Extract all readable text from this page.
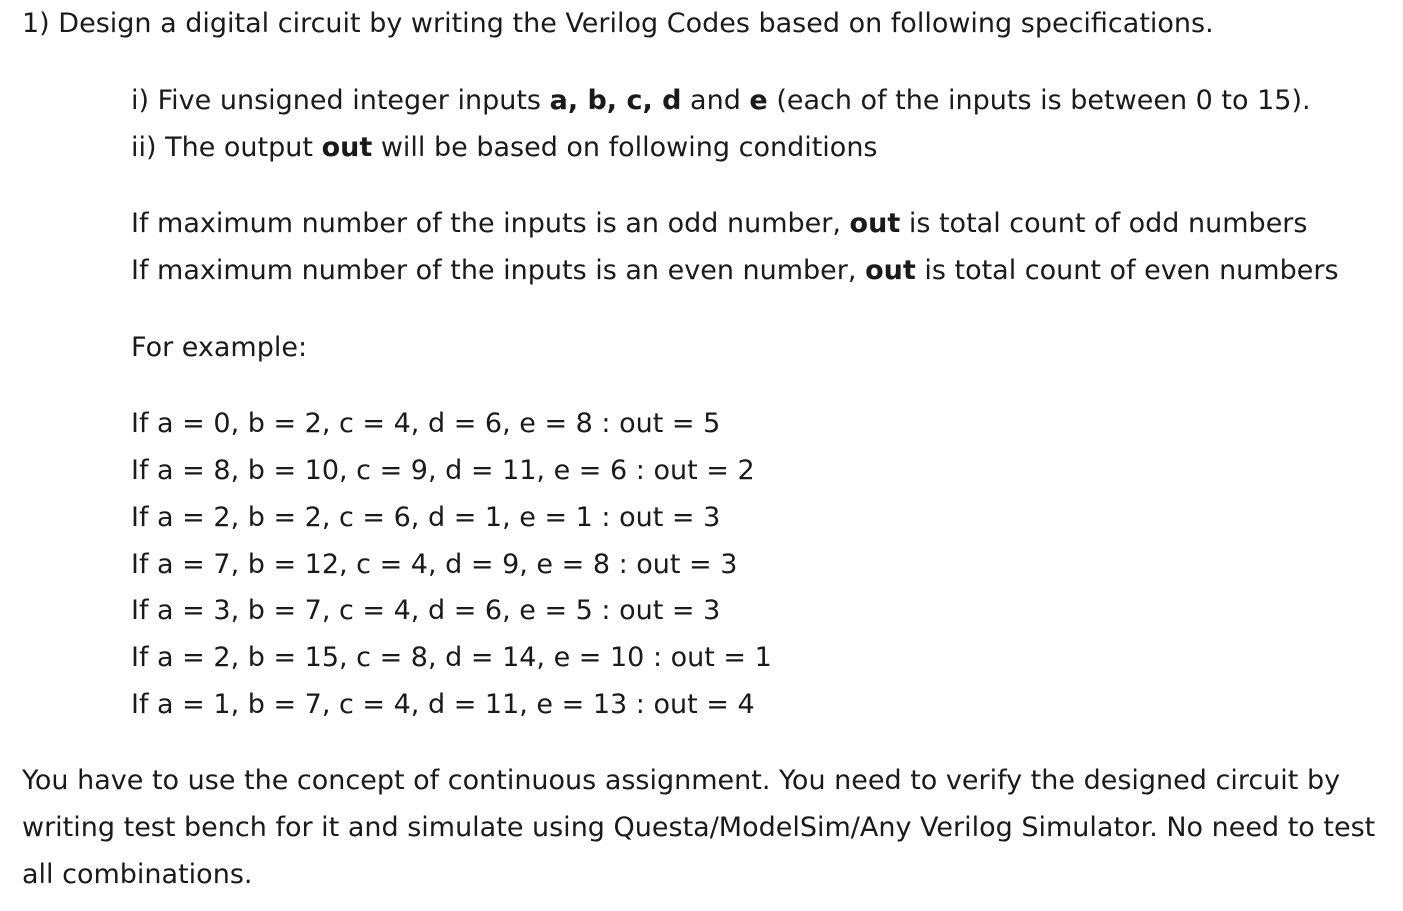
1) Design a digital circuit by writing the Verilog Codes based on following specifications.
i) Five unsigned integer inputs a, b, c, d and e (each of the inputs is between 0 to 15).
ii) The output out will be based on following conditions
If maximum number of the inputs is an odd number, out is total count of odd numbers
If maximum number of the inputs is an even number, out is total count of even numbers
For example:
If a = 0, b = 2, c = 4, d = 6, e = 8 : out = 5
If a = 8, b = 10, c = 9, d = 11, e = 6 : out = 2
If a = 2, b = 2, c = 6, d = 1, e = 1 : out = 3
If a = 7, b = 12, c = 4, d = 9, e = 8 : out = 3
If a = 3, b = 7, c = 4, d = 6, e = 5 : out = 3
If a = 2, b = 15, c = 8, d = 14, e = 10 : out = 1
If a = 1, b = 7, c = 4, d = 11, e = 13 : out = 4
You have to use the concept of continuous assignment. You need to verify the designed circuit by
writing test bench for it and simulate using Questa/ModelSim/Any Verilog Simulator. No need to test
all combinations.
